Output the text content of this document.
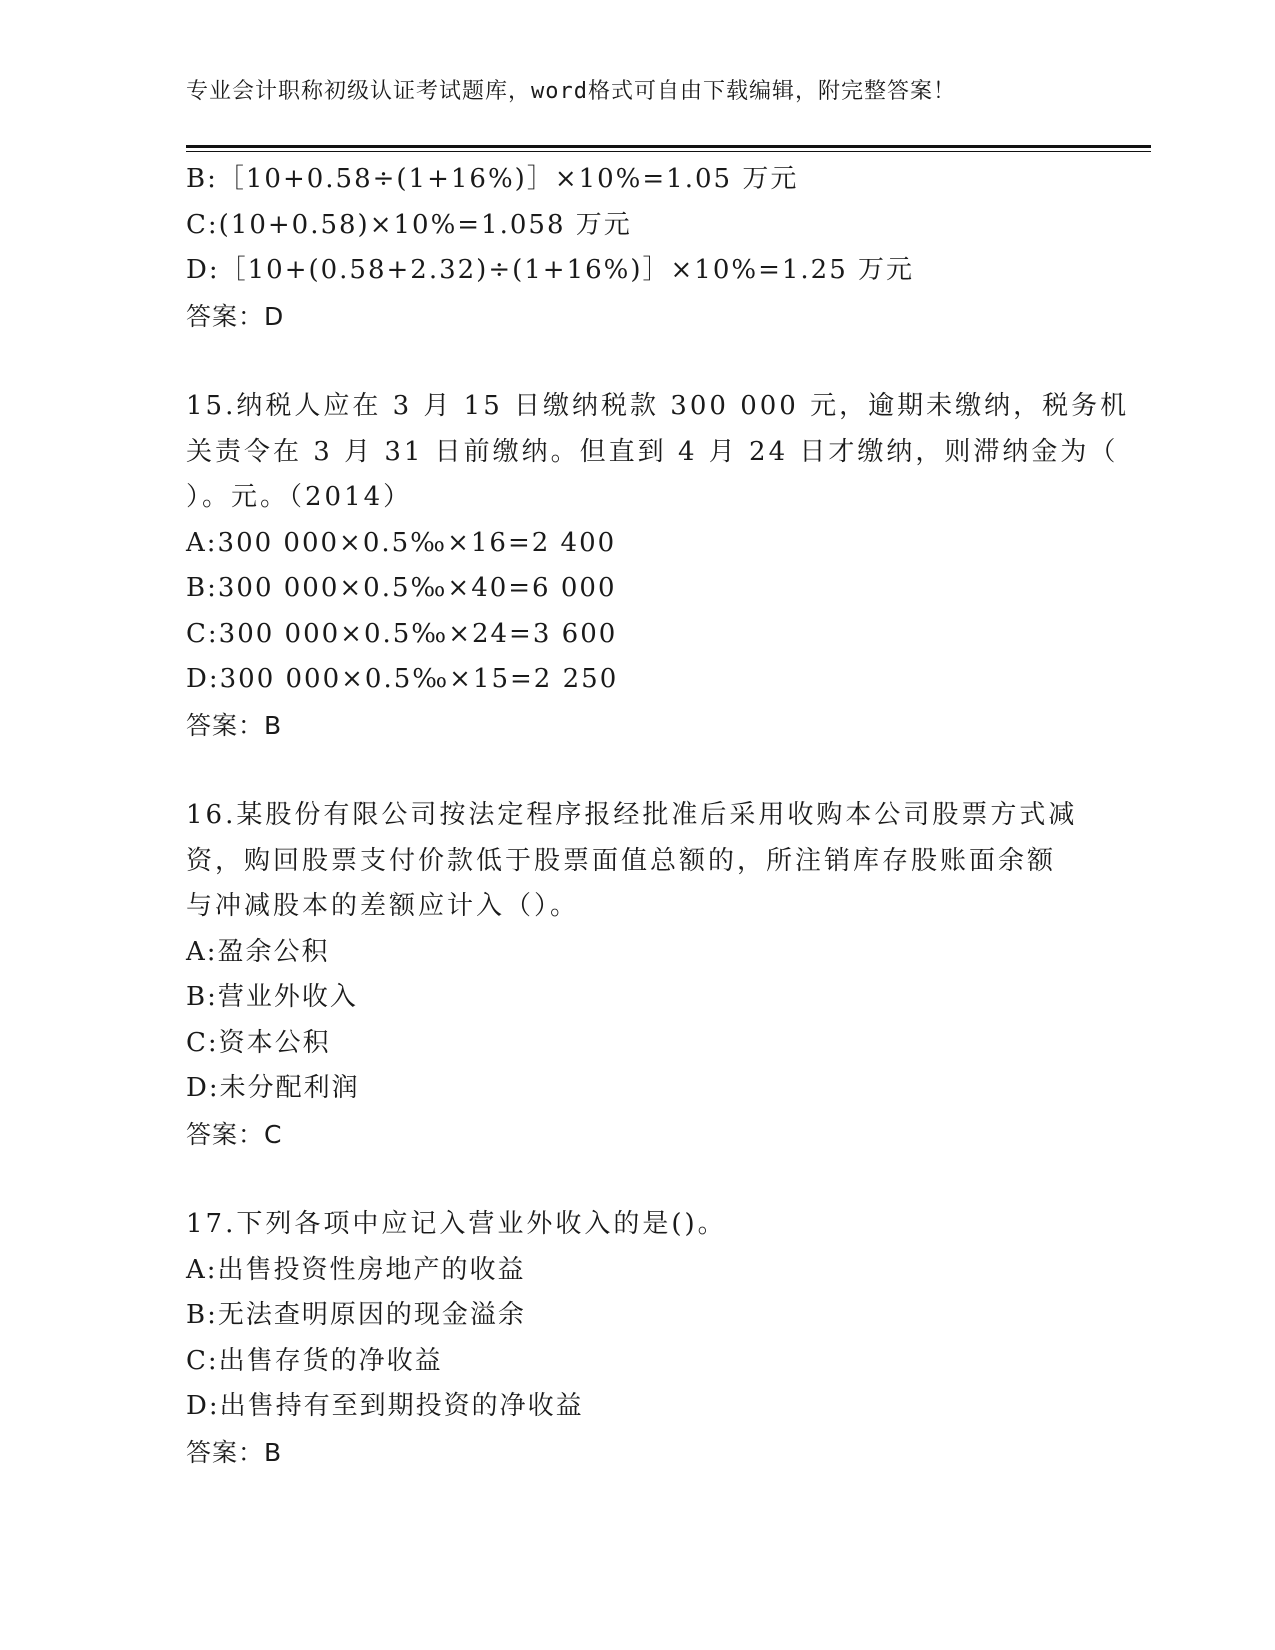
专业会计职称初级认证考试题库，word格式可自由下载编辑，附完整答案！
B:［10+0.58÷(1+16%)］×10%=1.05 万元
C:(10+0.58)×10%=1.058 万元
D:［10+(0.58+2.32)÷(1+16%)］×10%=1.25 万元
答案：D
15.纳税人应在 3 月 15 日缴纳税款 300 000 元，逾期未缴纳，税务机
关责令在 3 月 31 日前缴纳。但直到 4 月 24 日才缴纳，则滞纳金为（
）。元。（2014）
A:300 000×0.5‰×16=2 400
B:300 000×0.5‰×40=6 000
C:300 000×0.5‰×24=3 600
D:300 000×0.5‰×15=2 250
答案：B
16.某股份有限公司按法定程序报经批准后采用收购本公司股票方式减
资，购回股票支付价款低于股票面值总额的，所注销库存股账面余额
与冲减股本的差额应计入（）。
A:盈余公积
B:营业外收入
C:资本公积
D:未分配利润
答案：C
17.下列各项中应记入营业外收入的是()。
A:出售投资性房地产的收益
B:无法查明原因的现金溢余
C:出售存货的净收益
D:出售持有至到期投资的净收益
答案：B
